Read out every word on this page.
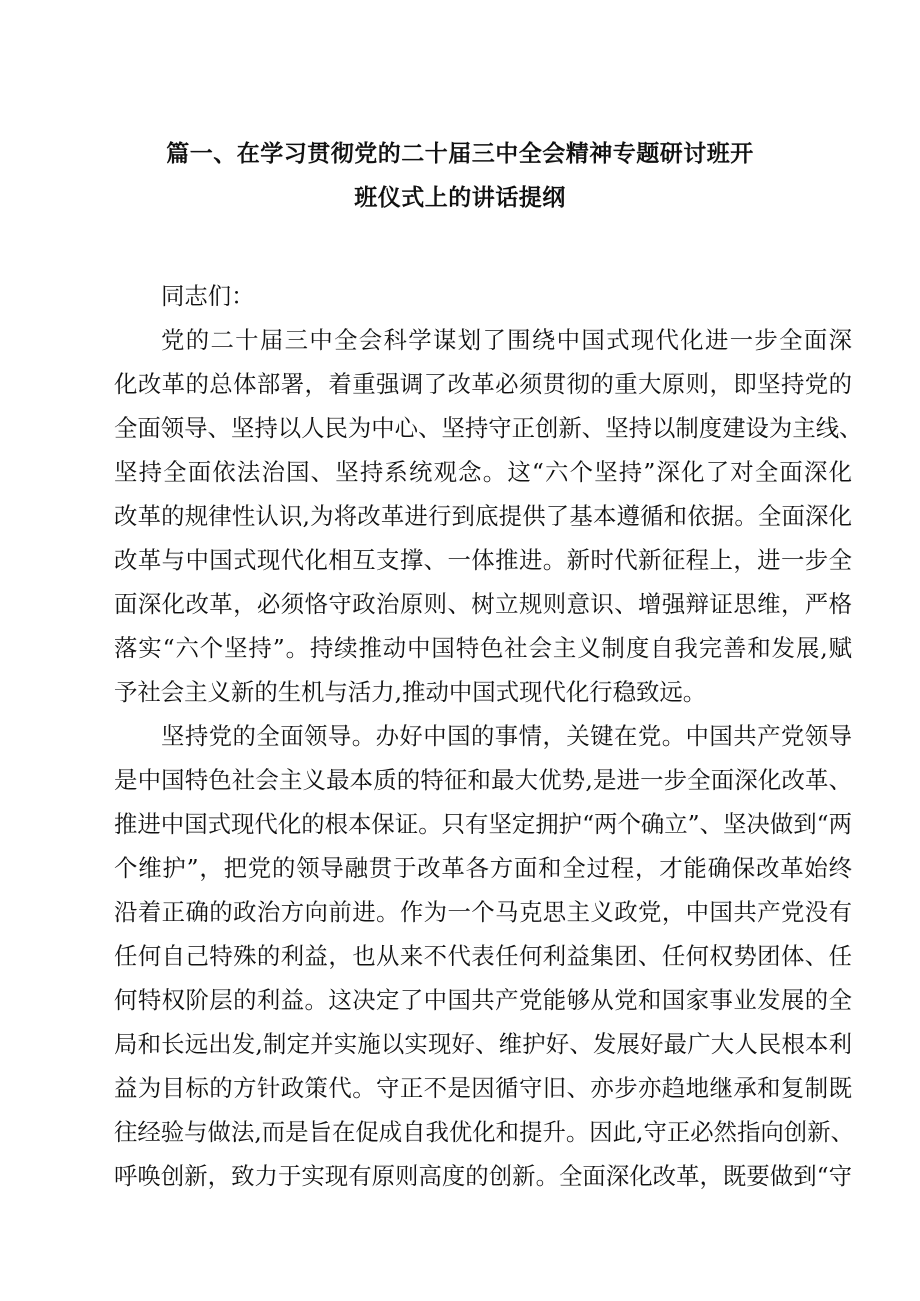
篇一、在学习贯彻党的二十届三中全会精神专题研讨班开
班仪式上的讲话提纲
同志们：
党的二十届三中全会科学谋划了围绕中国式现代化进一步全面深
化改革的总体部署，着重强调了改革必须贯彻的重大原则，即坚持党的
全面领导、坚持以人民为中心、坚持守正创新、坚持以制度建设为主线、
坚持全面依法治国、坚持系统观念。这“六个坚持”深化了对全面深化
改革的规律性认识,为将改革进行到底提供了基本遵循和依据。全面深化
改革与中国式现代化相互支撑、一体推进。新时代新征程上，进一步全
面深化改革，必须恪守政治原则、树立规则意识、增强辩证思维，严格
落实“六个坚持”。持续推动中国特色社会主义制度自我完善和发展,赋
予社会主义新的生机与活力,推动中国式现代化行稳致远。
坚持党的全面领导。办好中国的事情，关键在党。中国共产党领导
是中国特色社会主义最本质的特征和最大优势,是进一步全面深化改革、
推进中国式现代化的根本保证。只有坚定拥护“两个确立”、坚决做到“两
个维护”，把党的领导融贯于改革各方面和全过程，才能确保改革始终
沿着正确的政治方向前进。作为一个马克思主义政党，中国共产党没有
任何自己特殊的利益，也从来不代表任何利益集团、任何权势团体、任
何特权阶层的利益。这决定了中国共产党能够从党和国家事业发展的全
局和长远出发,制定并实施以实现好、维护好、发展好最广大人民根本利
益为目标的方针政策代。守正不是因循守旧、亦步亦趋地继承和复制既
往经验与做法,而是旨在促成自我优化和提升。因此,守正必然指向创新、
呼唤创新，致力于实现有原则高度的创新。全面深化改革，既要做到“守
